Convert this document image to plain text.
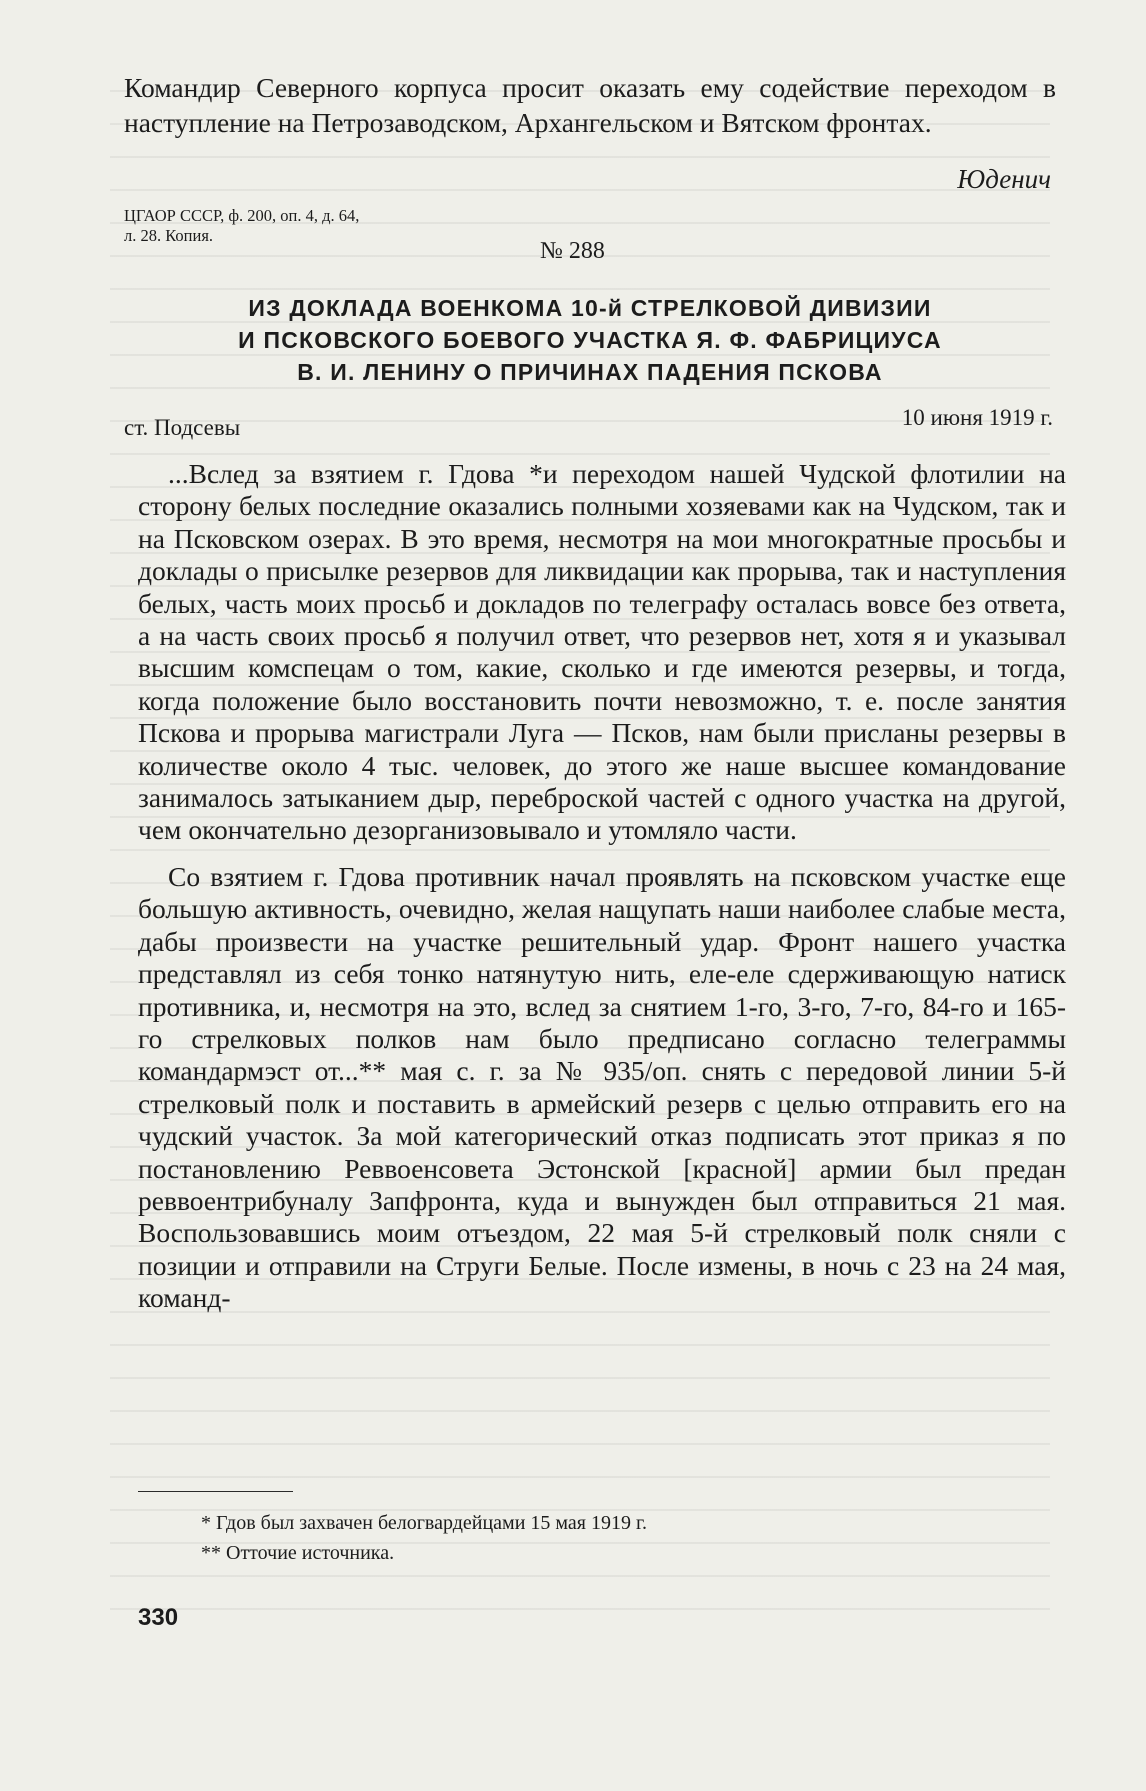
Командир Северного корпуса просит оказать ему содействие переходом в наступление на Петрозаводском, Архангельском и Вятском фронтах.

Юденич

ЦГАОР СССР, ф. 200, оп. 4, д. 64,
л. 28. Копия.

№ 288

ИЗ ДОКЛАДА ВОЕНКОМА 10-й СТРЕЛКОВОЙ ДИВИЗИИ
И ПСКОВСКОГО БОЕВОГО УЧАСТКА Я. Ф. ФАБРИЦИУСА
В. И. ЛЕНИНУ О ПРИЧИНАХ ПАДЕНИЯ ПСКОВА

ст. Подсевы	10 июня 1919 г.

...Вслед за взятием г. Гдова *и переходом нашей Чудской флотилии на сторону белых последние оказались полными хозяевами как на Чудском, так и на Псковском озерах. В это время, несмотря на мои многократные просьбы и доклады о присылке резервов для ликвидации как прорыва, так и наступления белых, часть моих просьб и докладов по телеграфу осталась вовсе без ответа, а на часть своих просьб я получил ответ, что резервов нет, хотя я и указывал высшим комспецам о том, какие, сколько и где имеются резервы, и тогда, когда положение было восстановить почти невозможно, т. е. после занятия Пскова и прорыва магистрали Луга — Псков, нам были присланы резервы в количестве около 4 тыс. человек, до этого же наше высшее командование занималось затыканием дыр, переброской частей с одного участка на другой, чем окончательно дезорганизовывало и утомляло части.

Со взятием г. Гдова противник начал проявлять на псковском участке еще большую активность, очевидно, желая нащупать наши наиболее слабые места, дабы произвести на участке решительный удар. Фронт нашего участка представлял из себя тонко натянутую нить, еле-еле сдерживающую натиск противника, и, несмотря на это, вслед за снятием 1-го, 3-го, 7-го, 84-го и 165-го стрелковых полков нам было предписано согласно телеграммы командармэст от...** мая с. г. за № 935/оп. снять с передовой линии 5-й стрелковый полк и поставить в армейский резерв с целью отправить его на чудский участок. За мой категорический отказ подписать этот приказ я по постановлению Реввоенсовета Эстонской [красной] армии был предан реввоентрибуналу Запфронта, куда и вынужден был отправиться 21 мая. Воспользовавшись моим отъездом, 22 мая 5-й стрелковый полк сняли с позиции и отправили на Струги Белые. После измены, в ночь с 23 на 24 мая, команд-

* Гдов был захвачен белогвардейцами 15 мая 1919 г.
** Отточие источника.

330
